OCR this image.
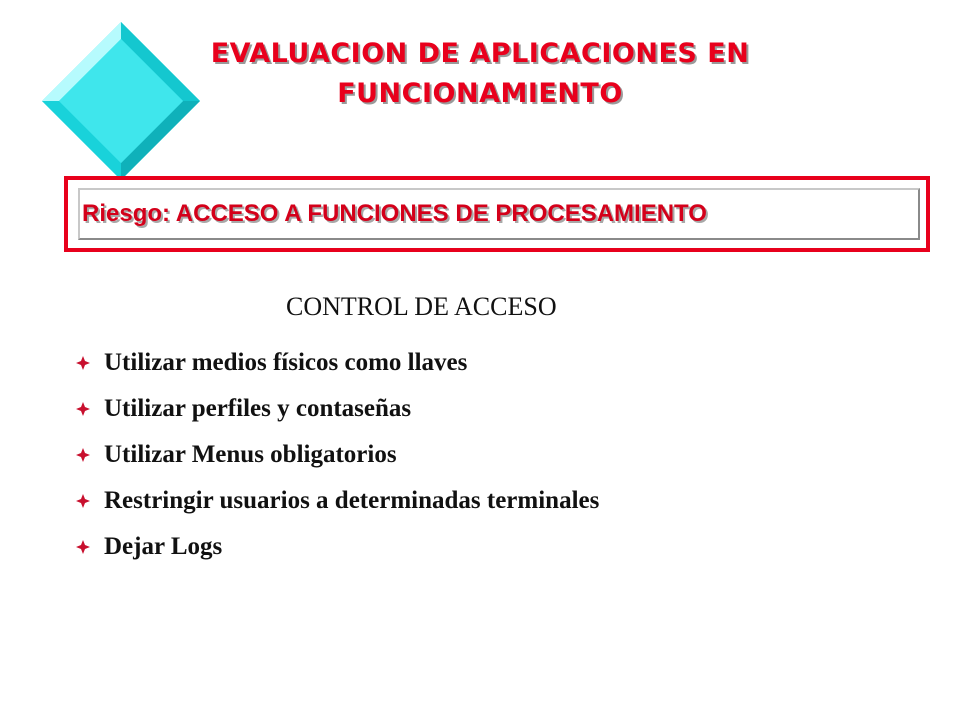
EVALUACION DE APLICACIONES EN
FUNCIONAMIENTO
Riesgo: ACCESO A FUNCIONES DE PROCESAMIENTO
CONTROL DE ACCESO
Utilizar medios físicos como llaves
Utilizar perfiles y contaseñas
Utilizar Menus obligatorios
Restringir usuarios a determinadas terminales
Dejar Logs
